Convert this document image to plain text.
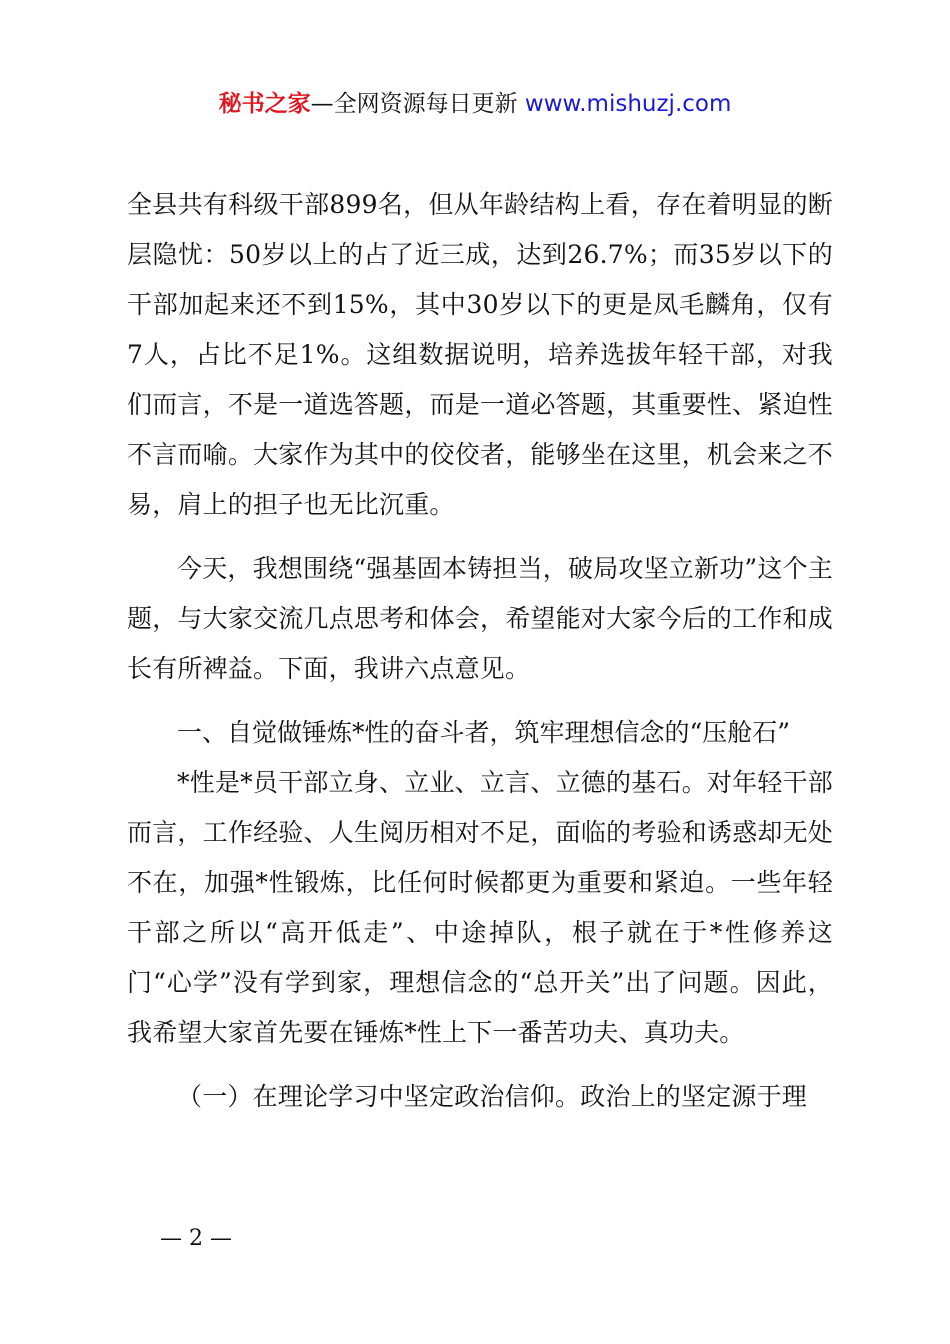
秘书之家—全网资源每日更新 www.mishuzj.com

全县共有科级干部899名，但从年龄结构上看，存在着明显的断层隐忧：50岁以上的占了近三成，达到26.7%；而35岁以下的干部加起来还不到15%，其中30岁以下的更是凤毛麟角，仅有7人，占比不足1%。这组数据说明，培养选拔年轻干部，对我们而言，不是一道选答题，而是一道必答题，其重要性、紧迫性不言而喻。大家作为其中的佼佼者，能够坐在这里，机会来之不易，肩上的担子也无比沉重。

今天，我想围绕“强基固本铸担当，破局攻坚立新功”这个主题，与大家交流几点思考和体会，希望能对大家今后的工作和成长有所裨益。下面，我讲六点意见。

一、自觉做锤炼*性的奋斗者，筑牢理想信念的“压舱石”

*性是*员干部立身、立业、立言、立德的基石。对年轻干部而言，工作经验、人生阅历相对不足，面临的考验和诱惑却无处不在，加强*性锻炼，比任何时候都更为重要和紧迫。一些年轻干部之所以“高开低走”、中途掉队，根子就在于*性修养这门“心学”没有学到家，理想信念的“总开关”出了问题。因此，我希望大家首先要在锤炼*性上下一番苦功夫、真功夫。

（一）在理论学习中坚定政治信仰。政治上的坚定源于理

— 2 —
